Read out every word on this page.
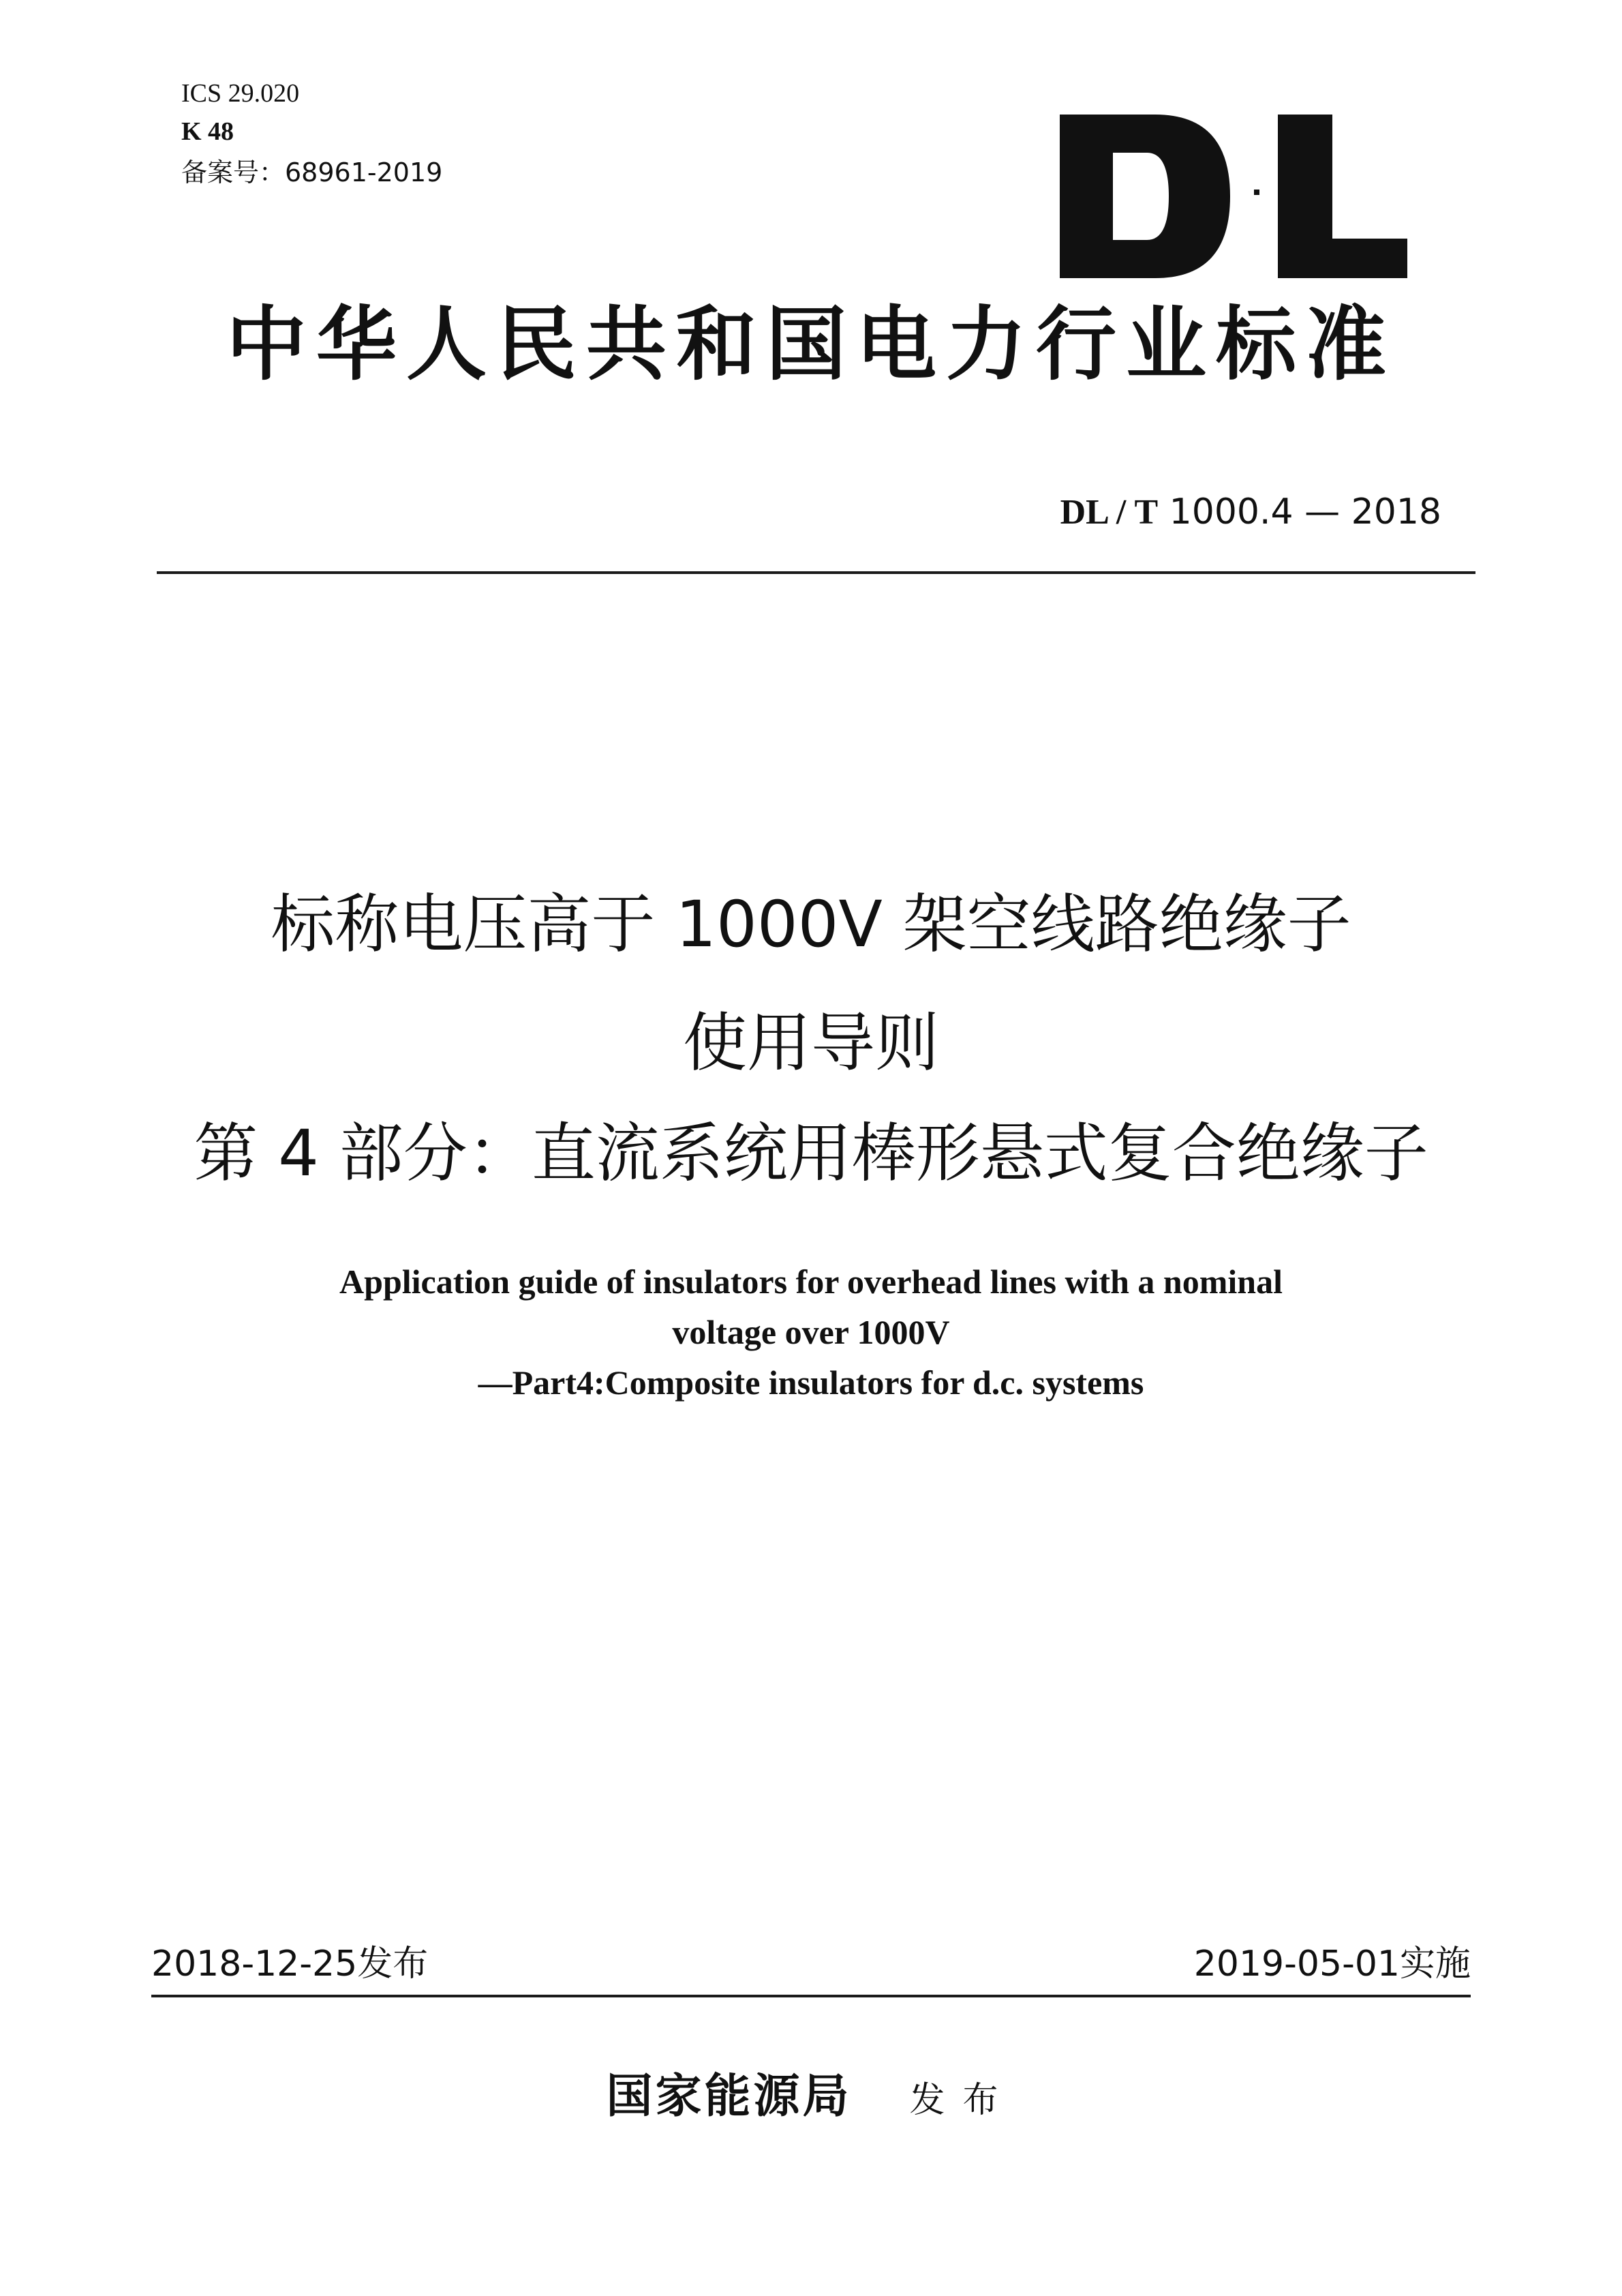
ICS 29.020
K 48
备案号：68961-2019
中华人民共和国电力行业标准
DL / T 1000.4 — 2018
标称电压高于 1000V 架空线路绝缘子
使用导则
第 4 部分：直流系统用棒形悬式复合绝缘子
Application guide of insulators for overhead lines with a nominal
voltage over 1000V
—Part4:Composite insulators for d.c. systems
2018-12-25发布	2019-05-01实施
国家能源局 发布
